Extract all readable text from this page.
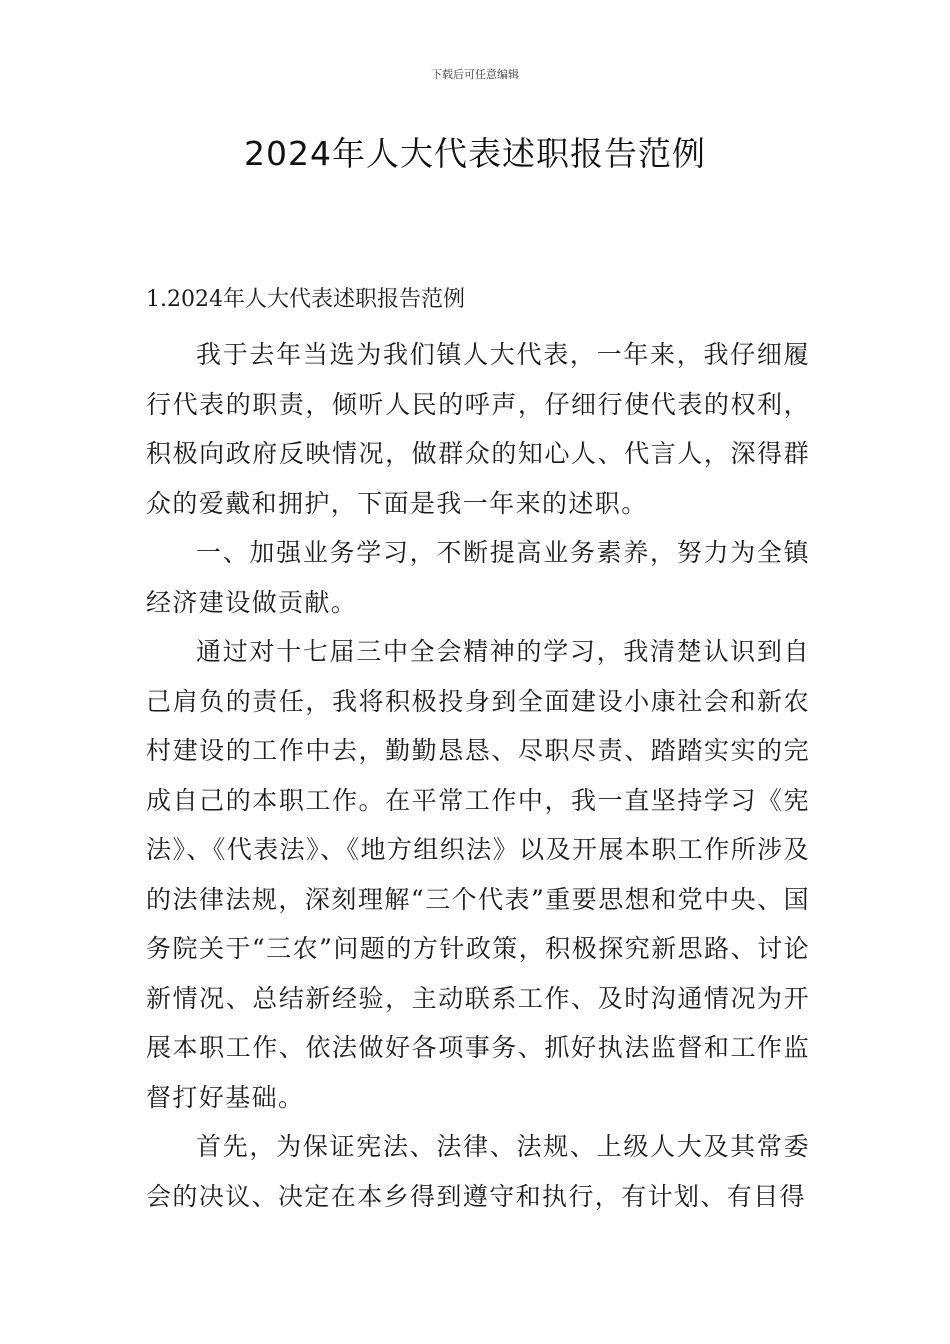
下载后可任意编辑
2024年人大代表述职报告范例
1.2024年人大代表述职报告范例

我于去年当选为我们镇人大代表，一年来，我仔细履行代表的职责，倾听人民的呼声，仔细行使代表的权利，积极向政府反映情况，做群众的知心人、代言人，深得群众的爱戴和拥护，下面是我一年来的述职。

一、加强业务学习，不断提高业务素养，努力为全镇经济建设做贡献。

通过对十七届三中全会精神的学习，我清楚认识到自己肩负的责任，我将积极投身到全面建设小康社会和新农村建设的工作中去，勤勤恳恳、尽职尽责、踏踏实实的完成自己的本职工作。在平常工作中，我一直坚持学习《宪法》、《代表法》、《地方组织法》以及开展本职工作所涉及的法律法规，深刻理解“三个代表”重要思想和党中央、国务院关于“三农”问题的方针政策，积极探究新思路、讨论新情况、总结新经验，主动联系工作、及时沟通情况为开展本职工作、依法做好各项事务、抓好执法监督和工作监督打好基础。

首先，为保证宪法、法律、法规、上级人大及其常委会的决议、决定在本乡得到遵守和执行，有计划、有目得
